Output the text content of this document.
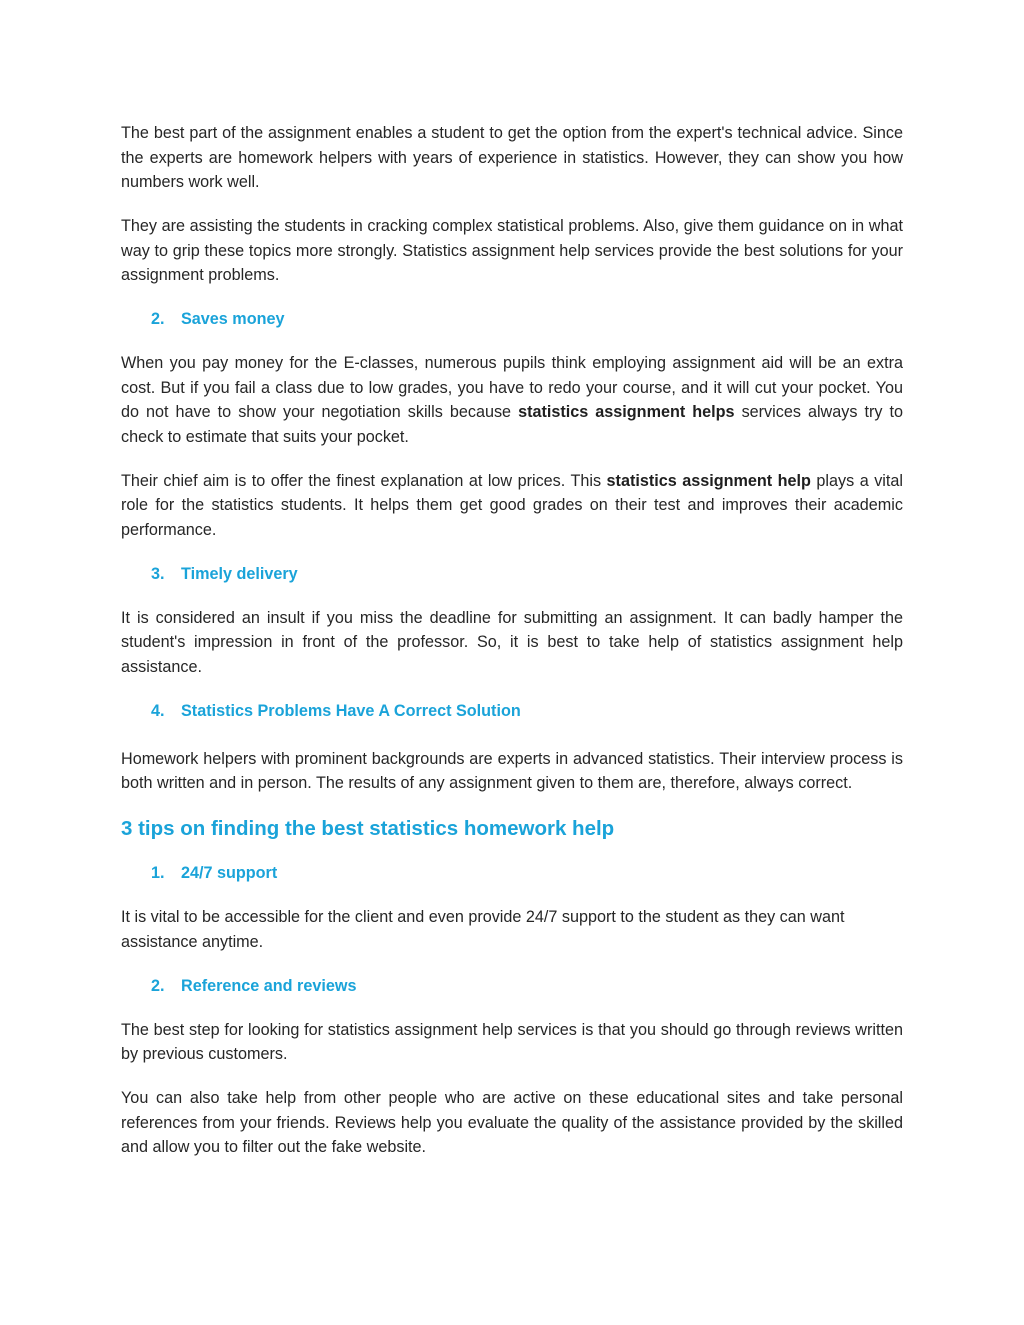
The best part of the assignment enables a student to get the option from the expert's technical advice. Since the experts are homework helpers with years of experience in statistics. However, they can show you how numbers work well.

They are assisting the students in cracking complex statistical problems. Also, give them guidance on in what way to grip these topics more strongly. Statistics assignment help services provide the best solutions for your assignment problems.

2.	Saves money

When you pay money for the E-classes, numerous pupils think employing assignment aid will be an extra cost. But if you fail a class due to low grades, you have to redo your course, and it will cut your pocket. You do not have to show your negotiation skills because statistics assignment helps services always try to check to estimate that suits your pocket.

Their chief aim is to offer the finest explanation at low prices. This statistics assignment help plays a vital role for the statistics students. It helps them get good grades on their test and improves their academic performance.

3.	Timely delivery

It is considered an insult if you miss the deadline for submitting an assignment. It can badly hamper the student's impression in front of the professor. So, it is best to take help of statistics assignment help assistance.

4.	Statistics Problems Have A Correct Solution

Homework helpers with prominent backgrounds are experts in advanced statistics. Their interview process is both written and in person. The results of any assignment given to them are, therefore, always correct.

3 tips on finding the best statistics homework help
1.	24/7 support

It is vital to be accessible for the client and even provide 24/7 support to the student as they can want assistance anytime.

2.	Reference and reviews

The best step for looking for statistics assignment help services is that you should go through reviews written by previous customers.

You can also take help from other people who are active on these educational sites and take personal references from your friends. Reviews help you evaluate the quality of the assistance provided by the skilled and allow you to filter out the fake website.
